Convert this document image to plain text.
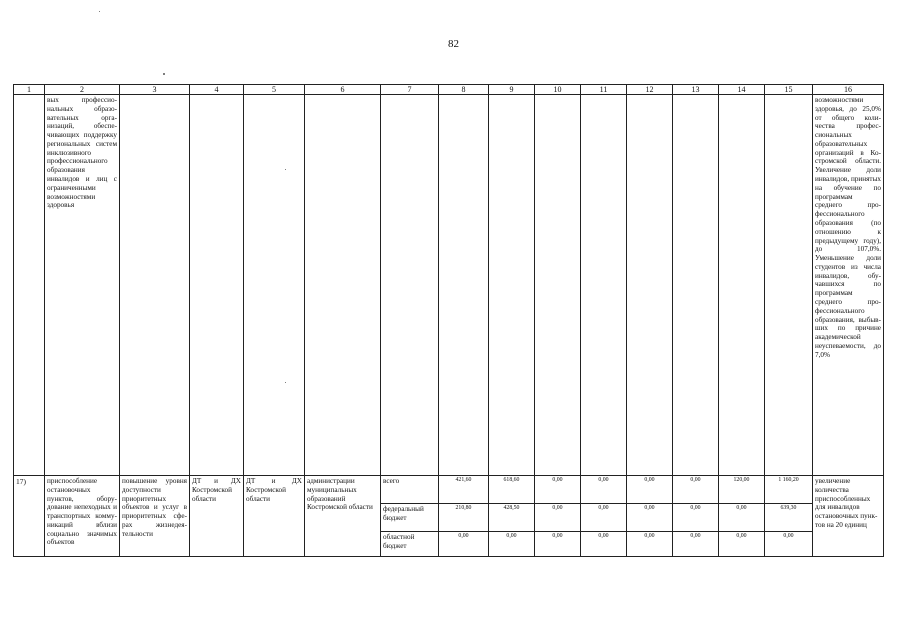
82
1	2	3	4	5	6	7	8	9	10	11	12	13	14	15	16
	вых профессиональных образовательных организаций, обеспечивающих поддержку региональных систем инклюзивного профессионального образования инвалидов и лиц с ограниченными возможностями здоровья														возможностями здоровья, до 25,0% от общего количества профессиональных образовательных организаций в Костромской области. Увеличение доли инвалидов, принятых на обучение по программам среднего профессионального образования (по отношению к предыдущему году), до 107,0%. Уменьшение доли студентов из числа инвалидов, обучавшихся по программам среднего профессионального образования, выбывших по причине академической неуспеваемости, до 7,0%
17)	приспособление остановочных пунктов, оборудование непеходных и транспортных коммуникаций вблизи социально значимых объектов	повышение уровня доступности приоритетных объектов и услуг в приоритетных сферах жизнедеятельности	ДТ и ДХ Костромской области	ДТ и ДХ Костромской области	администрации муниципальных образований Костромской области	всего	421,60	618,60	0,00	0,00	0,00	0,00	120,00	1 160,20	увеличение количества приспособленных для инвалидов остановочных пунктов на 20 единиц
						федеральный бюджет	210,80	428,50	0,00	0,00	0,00	0,00	0,00	639,30	
						областной бюджет	0,00	0,00	0,00	0,00	0,00	0,00	0,00	0,00	
